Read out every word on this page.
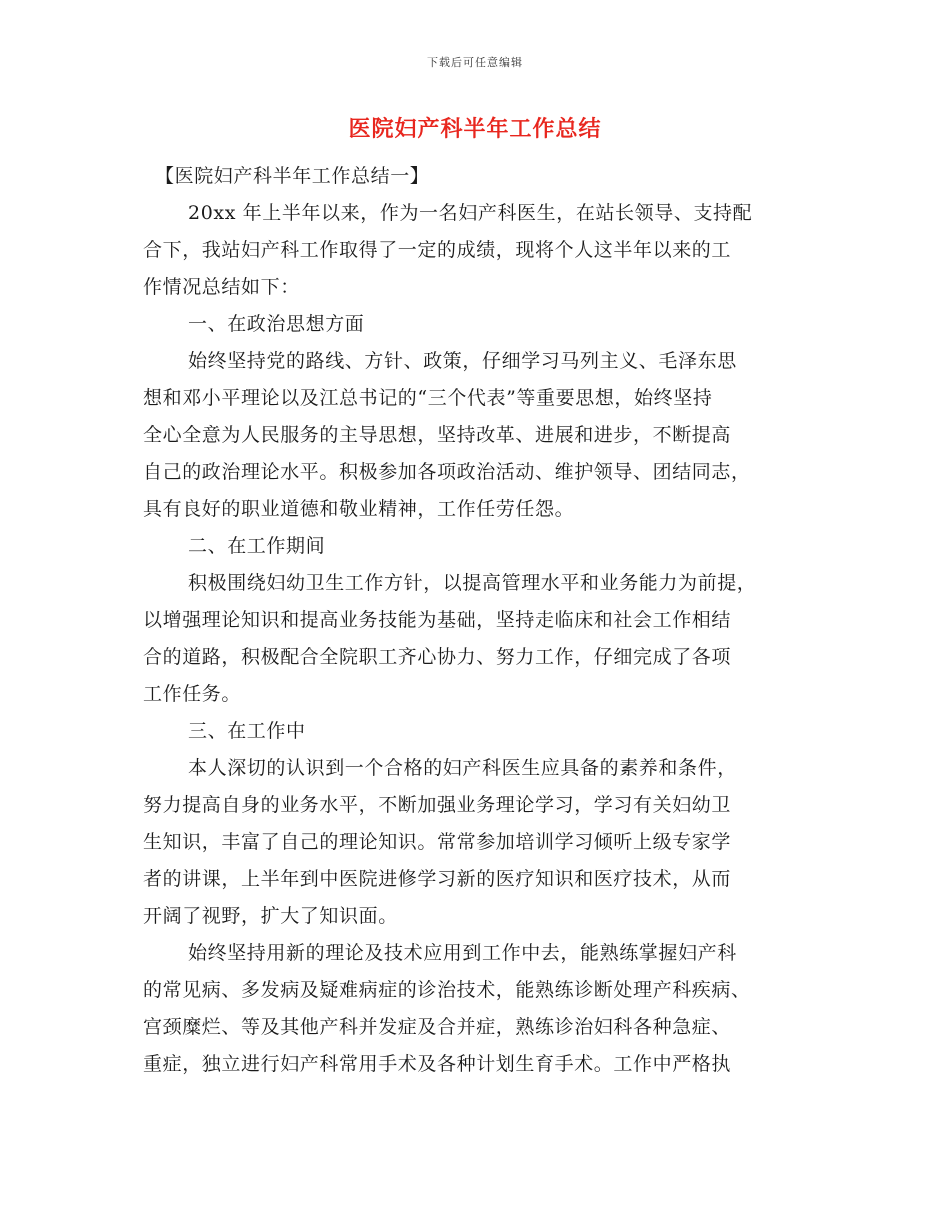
下载后可任意编辑
医院妇产科半年工作总结
【医院妇产科半年工作总结一】
20xx 年上半年以来，作为一名妇产科医生，在站长领导、支持配
合下，我站妇产科工作取得了一定的成绩，现将个人这半年以来的工
作情况总结如下：
一、在政治思想方面
始终坚持党的路线、方针、政策，仔细学习马列主义、毛泽东思
想和邓小平理论以及江总书记的“三个代表”等重要思想，始终坚持
全心全意为人民服务的主导思想，坚持改革、进展和进步，不断提高
自己的政治理论水平。积极参加各项政治活动、维护领导、团结同志，
具有良好的职业道德和敬业精神，工作任劳任怨。
二、在工作期间
积极围绕妇幼卫生工作方针，以提高管理水平和业务能力为前提，
以增强理论知识和提高业务技能为基础，坚持走临床和社会工作相结
合的道路，积极配合全院职工齐心协力、努力工作，仔细完成了各项
工作任务。
三、在工作中
本人深切的认识到一个合格的妇产科医生应具备的素养和条件，
努力提高自身的业务水平，不断加强业务理论学习，学习有关妇幼卫
生知识，丰富了自己的理论知识。常常参加培训学习倾听上级专家学
者的讲课，上半年到中医院进修学习新的医疗知识和医疗技术，从而
开阔了视野，扩大了知识面。
始终坚持用新的理论及技术应用到工作中去，能熟练掌握妇产科
的常见病、多发病及疑难病症的诊治技术，能熟练诊断处理产科疾病、
宫颈糜烂、等及其他产科并发症及合并症，熟练诊治妇科各种急症、
重症，独立进行妇产科常用手术及各种计划生育手术。工作中严格执
